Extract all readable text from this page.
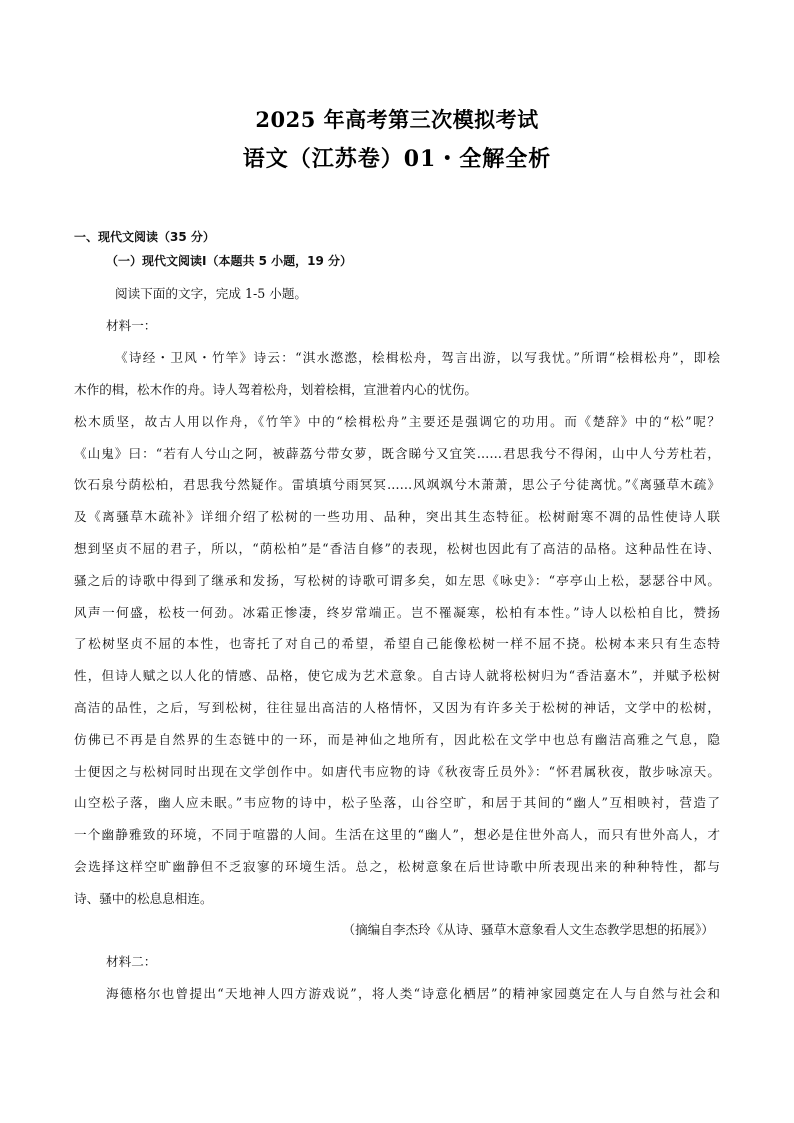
2025 年高考第三次模拟考试
语文（江苏卷）01・全解全析
一、现代文阅读（35 分）
（一）现代文阅读Ⅰ（本题共 5 小题，19 分）
阅读下面的文字，完成 1-5 小题。
材料一：
《诗经・卫风・竹竿》诗云：“淇水滺滺，桧楫松舟，驾言出游，以写我忧。”所谓“桧楫松舟”，即桧
木作的楫，松木作的舟。诗人驾着松舟，划着桧楫，宣泄着内心的忧伤。
松木质坚，故古人用以作舟，《竹竿》中的“桧楫松舟”主要还是强调它的功用。而《楚辞》中的“松”呢？
《山鬼》曰：“若有人兮山之阿，被薜荔兮带女萝，既含睇兮又宜笑……君思我兮不得闲，山中人兮芳杜若，
饮石泉兮荫松柏，君思我兮然疑作。雷填填兮雨冥冥……风飒飒兮木萧萧，思公子兮徒离忧。”《离骚草木疏》
及《离骚草木疏补》详细介绍了松树的一些功用、品种，突出其生态特征。松树耐寒不凋的品性使诗人联
想到坚贞不屈的君子，所以，“荫松柏”是“香洁自修”的表现，松树也因此有了高洁的品格。这种品性在诗、
骚之后的诗歌中得到了继承和发扬，写松树的诗歌可谓多矣，如左思《咏史》：“亭亭山上松，瑟瑟谷中风。
风声一何盛，松枝一何劲。冰霜正惨凄，终岁常端正。岂不罹凝寒，松柏有本性。”诗人以松柏自比，赞扬
了松树坚贞不屈的本性，也寄托了对自己的希望，希望自己能像松树一样不屈不挠。松树本来只有生态特
性，但诗人赋之以人化的情感、品格，使它成为艺术意象。自古诗人就将松树归为“香洁嘉木”，并赋予松树
高洁的品性，之后，写到松树，往往显出高洁的人格情怀，又因为有许多关于松树的神话，文学中的松树，
仿佛已不再是自然界的生态链中的一环，而是神仙之地所有，因此松在文学中也总有幽洁高雅之气息，隐
士便因之与松树同时出现在文学创作中。如唐代韦应物的诗《秋夜寄丘员外》：“怀君属秋夜，散步咏凉天。
山空松子落，幽人应未眠。”韦应物的诗中，松子坠落，山谷空旷，和居于其间的“幽人”互相映衬，营造了
一个幽静雅致的环境，不同于喧嚣的人间。生活在这里的“幽人”，想必是住世外高人，而只有世外高人，才
会选择这样空旷幽静但不乏寂寥的环境生活。总之，松树意象在后世诗歌中所表现出来的种种特性，都与
诗、骚中的松息息相连。
（摘编自李杰玲《从诗、骚草木意象看人文生态教学思想的拓展》）
材料二：
海德格尔也曾提出“天地神人四方游戏说”，将人类“诗意化栖居”的精神家园奠定在人与自然与社会和
